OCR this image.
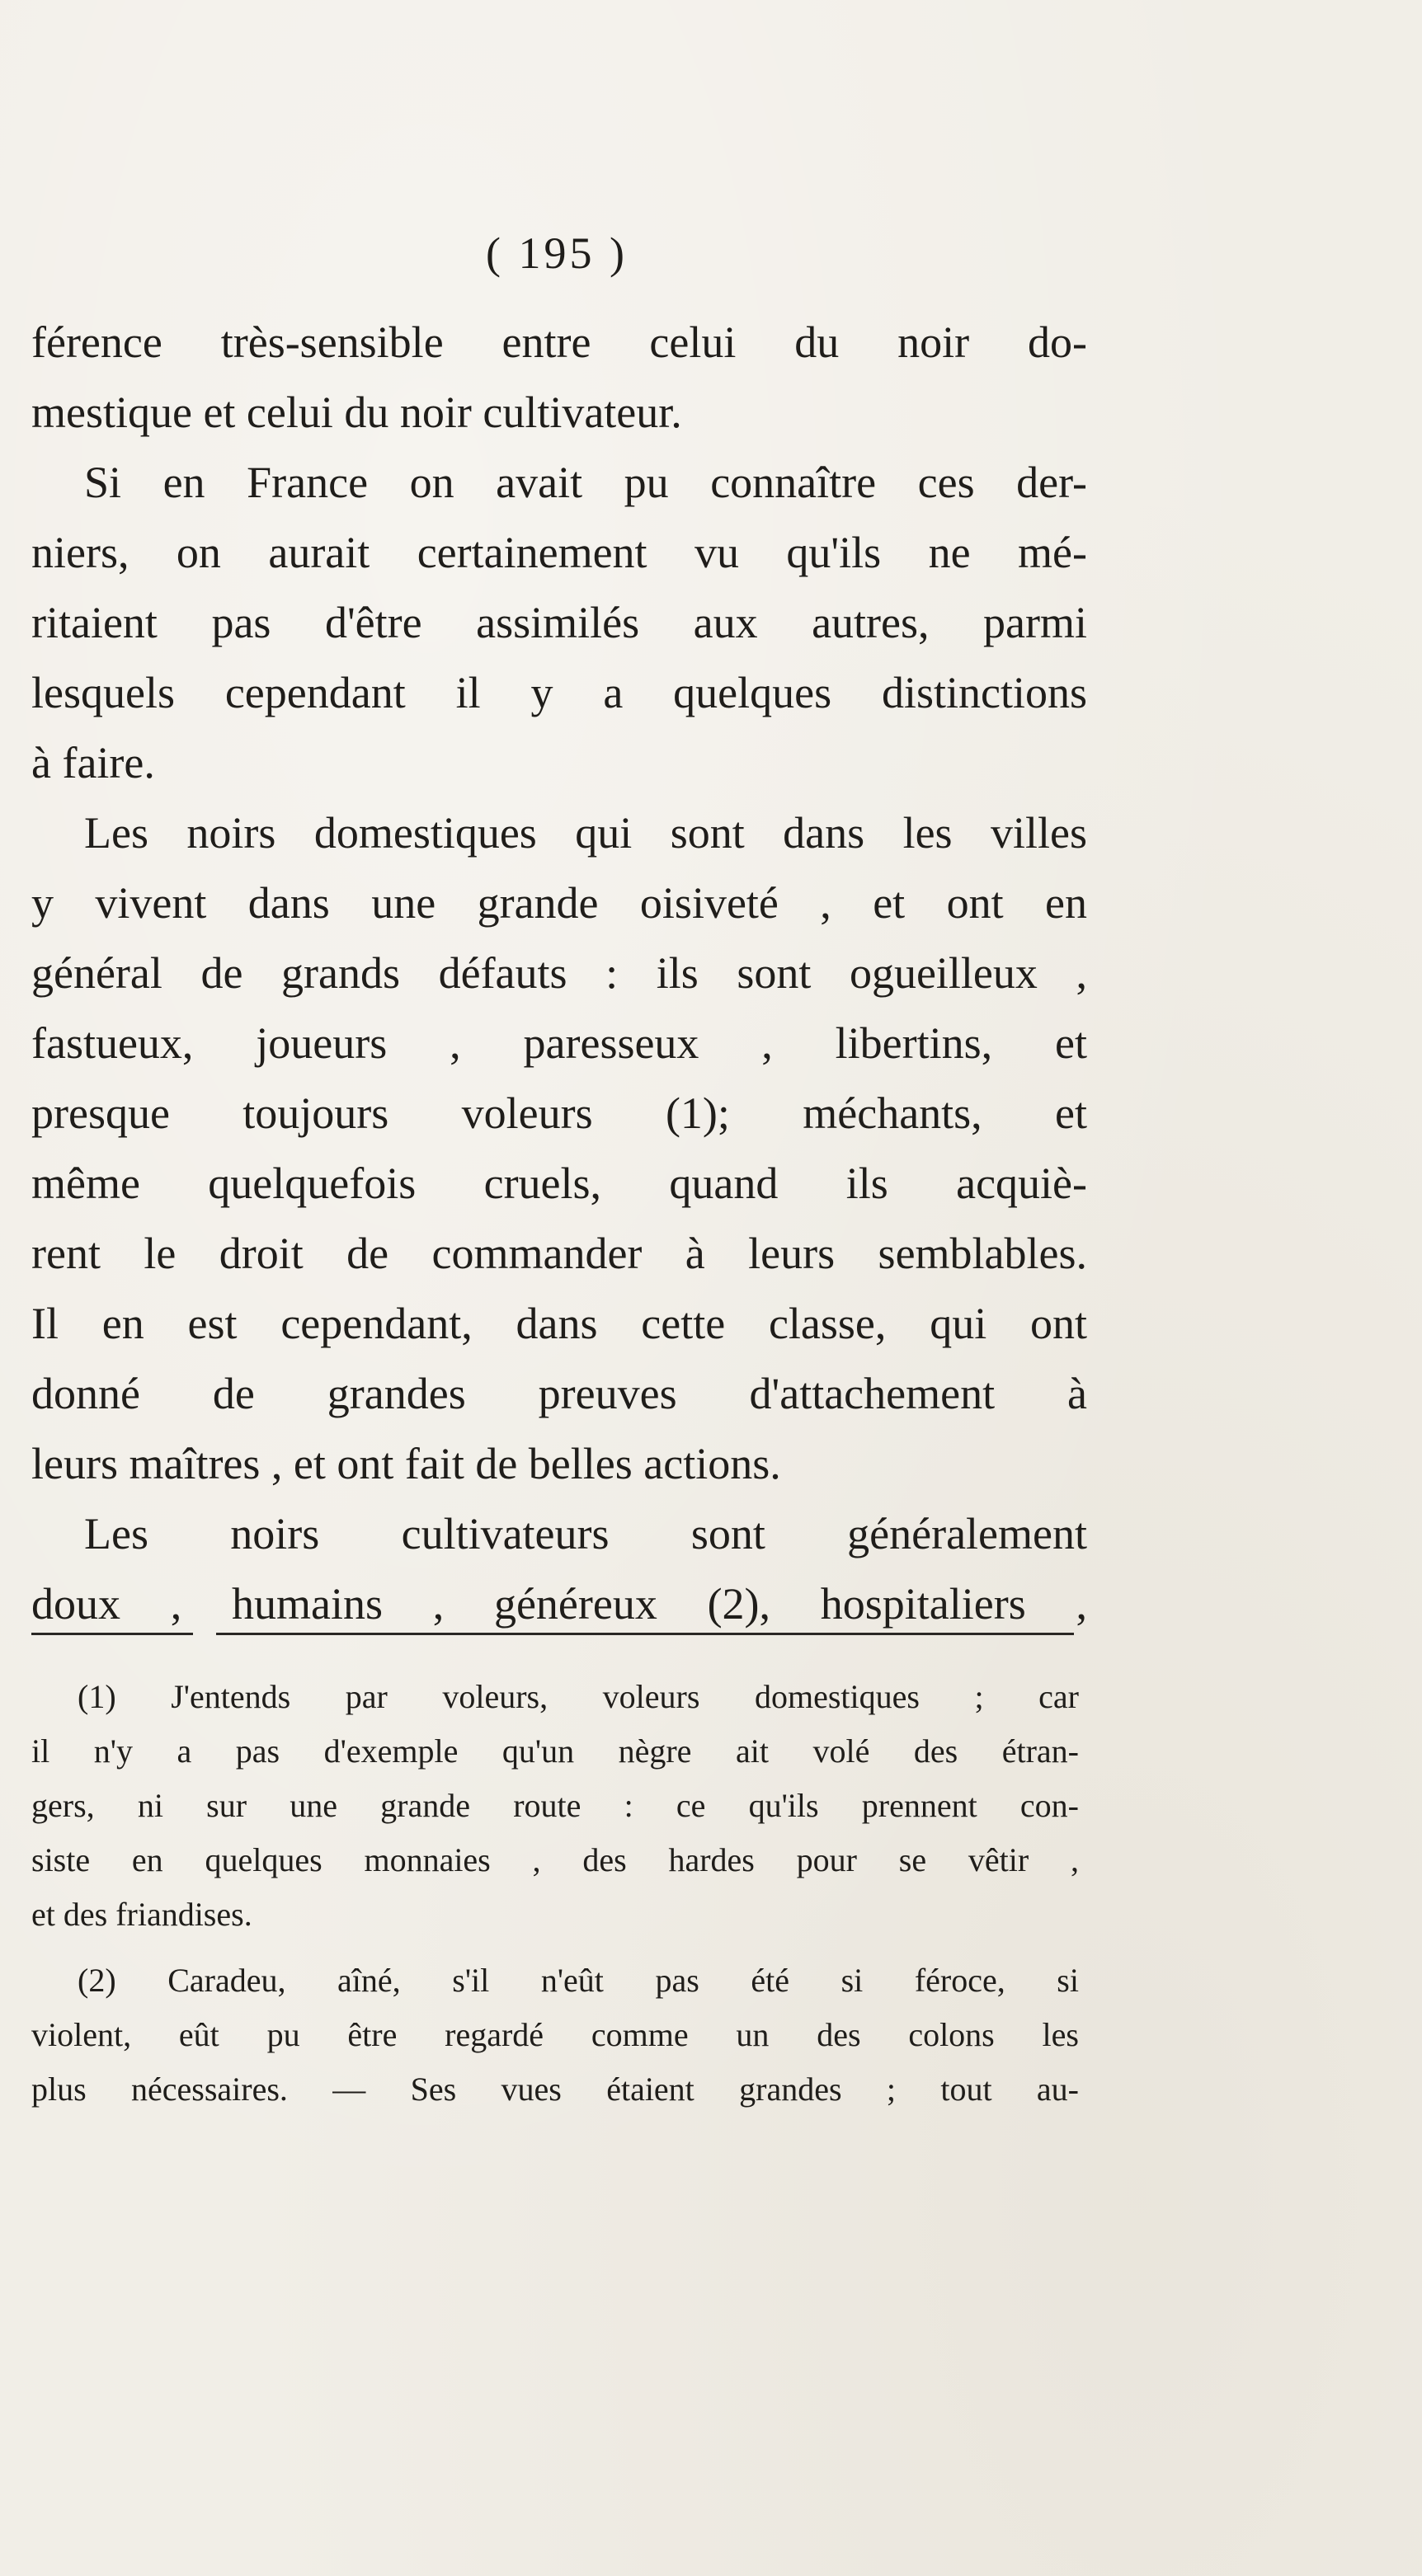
( 195 )
férence très-sensible entre celui du noir do-
mestique et celui du noir cultivateur.
Si en France on avait pu connaître ces der-
niers, on aurait certainement vu qu'ils ne mé-
ritaient pas d'être assimilés aux autres, parmi
lesquels cependant il y a quelques distinctions
à faire.
Les noirs domestiques qui sont dans les villes
y vivent dans une grande oisiveté , et ont en
général de grands défauts : ils sont ogueilleux ,
fastueux, joueurs , paresseux , libertins, et
presque toujours voleurs (1); méchants, et
même quelquefois cruels, quand ils acquiè-
rent le droit de commander à leurs semblables.
Il en est cependant, dans cette classe, qui ont
donné de grandes preuves d'attachement à
leurs maîtres , et ont fait de belles actions.
Les noirs cultivateurs sont généralement
doux , humains , généreux (2), hospitaliers ,
(1) J'entends par voleurs, voleurs domestiques ; car
il n'y a pas d'exemple qu'un nègre ait volé des étran-
gers, ni sur une grande route : ce qu'ils prennent con-
siste en quelques monnaies , des hardes pour se vêtir ,
et des friandises.
(2) Caradeu, aîné, s'il n'eût pas été si féroce, si
violent, eût pu être regardé comme un des colons les
plus nécessaires. — Ses vues étaient grandes ; tout au-
